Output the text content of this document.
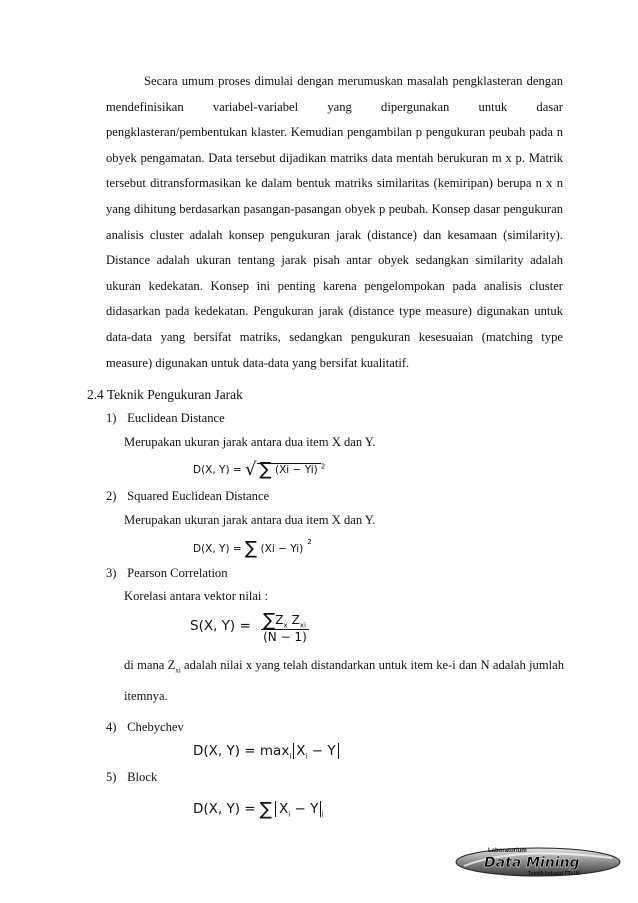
Secara umum proses dimulai dengan merumuskan masalah pengklasteran dengan mendefinisikan variabel-variabel yang dipergunakan untuk dasar pengklasteran/pembentukan klaster. Kemudian pengambilan p pengukuran peubah pada n obyek pengamatan. Data tersebut dijadikan matriks data mentah berukuran m x p. Matrik tersebut ditransformasikan ke dalam bentuk matriks similaritas (kemiripan) berupa n x n yang dihitung berdasarkan pasangan-pasangan obyek p peubah. Konsep dasar pengukuran analisis cluster adalah konsep pengukuran jarak (distance) dan kesamaan (similarity). Distance adalah ukuran tentang jarak pisah antar obyek sedangkan similarity adalah ukuran kedekatan. Konsep ini penting karena pengelompokan pada analisis cluster didasarkan pada kedekatan. Pengukuran jarak (distance type measure) digunakan untuk data-data yang bersifat matriks, sedangkan pengukuran kesesuaian (matching type measure) digunakan untuk data-data yang bersifat kualitatif.

2.4 Teknik Pengukuran Jarak
1) Euclidean Distance
Merupakan ukuran jarak antara dua item X dan Y.
D(X, Y) = √ ∑ (Xi − Yi) $^2$
2) Squared Euclidean Distance
Merupakan ukuran jarak antara dua item X dan Y.
D(X, Y) = ∑ $(Xi - Yi)^2$
3) Pearson Correlation
Korelasi antara vektor nilai :
S(X, $Y) = \frac{\sum Z_x Z_{xi}}{(N - 1)}$
di mana $Z_{xi}$ adalah nilai x yang telah distandarkan untuk item ke-i dan N adalah jumlah itemnya.
4) Chebychev
D(X, $Y) = \max_i X_i - Y$
5) Block
D(X, Y) = ∑ $X_i - Y$ $_i$
Laboratorium
Data Mining
Teknik Industri FTI UII
